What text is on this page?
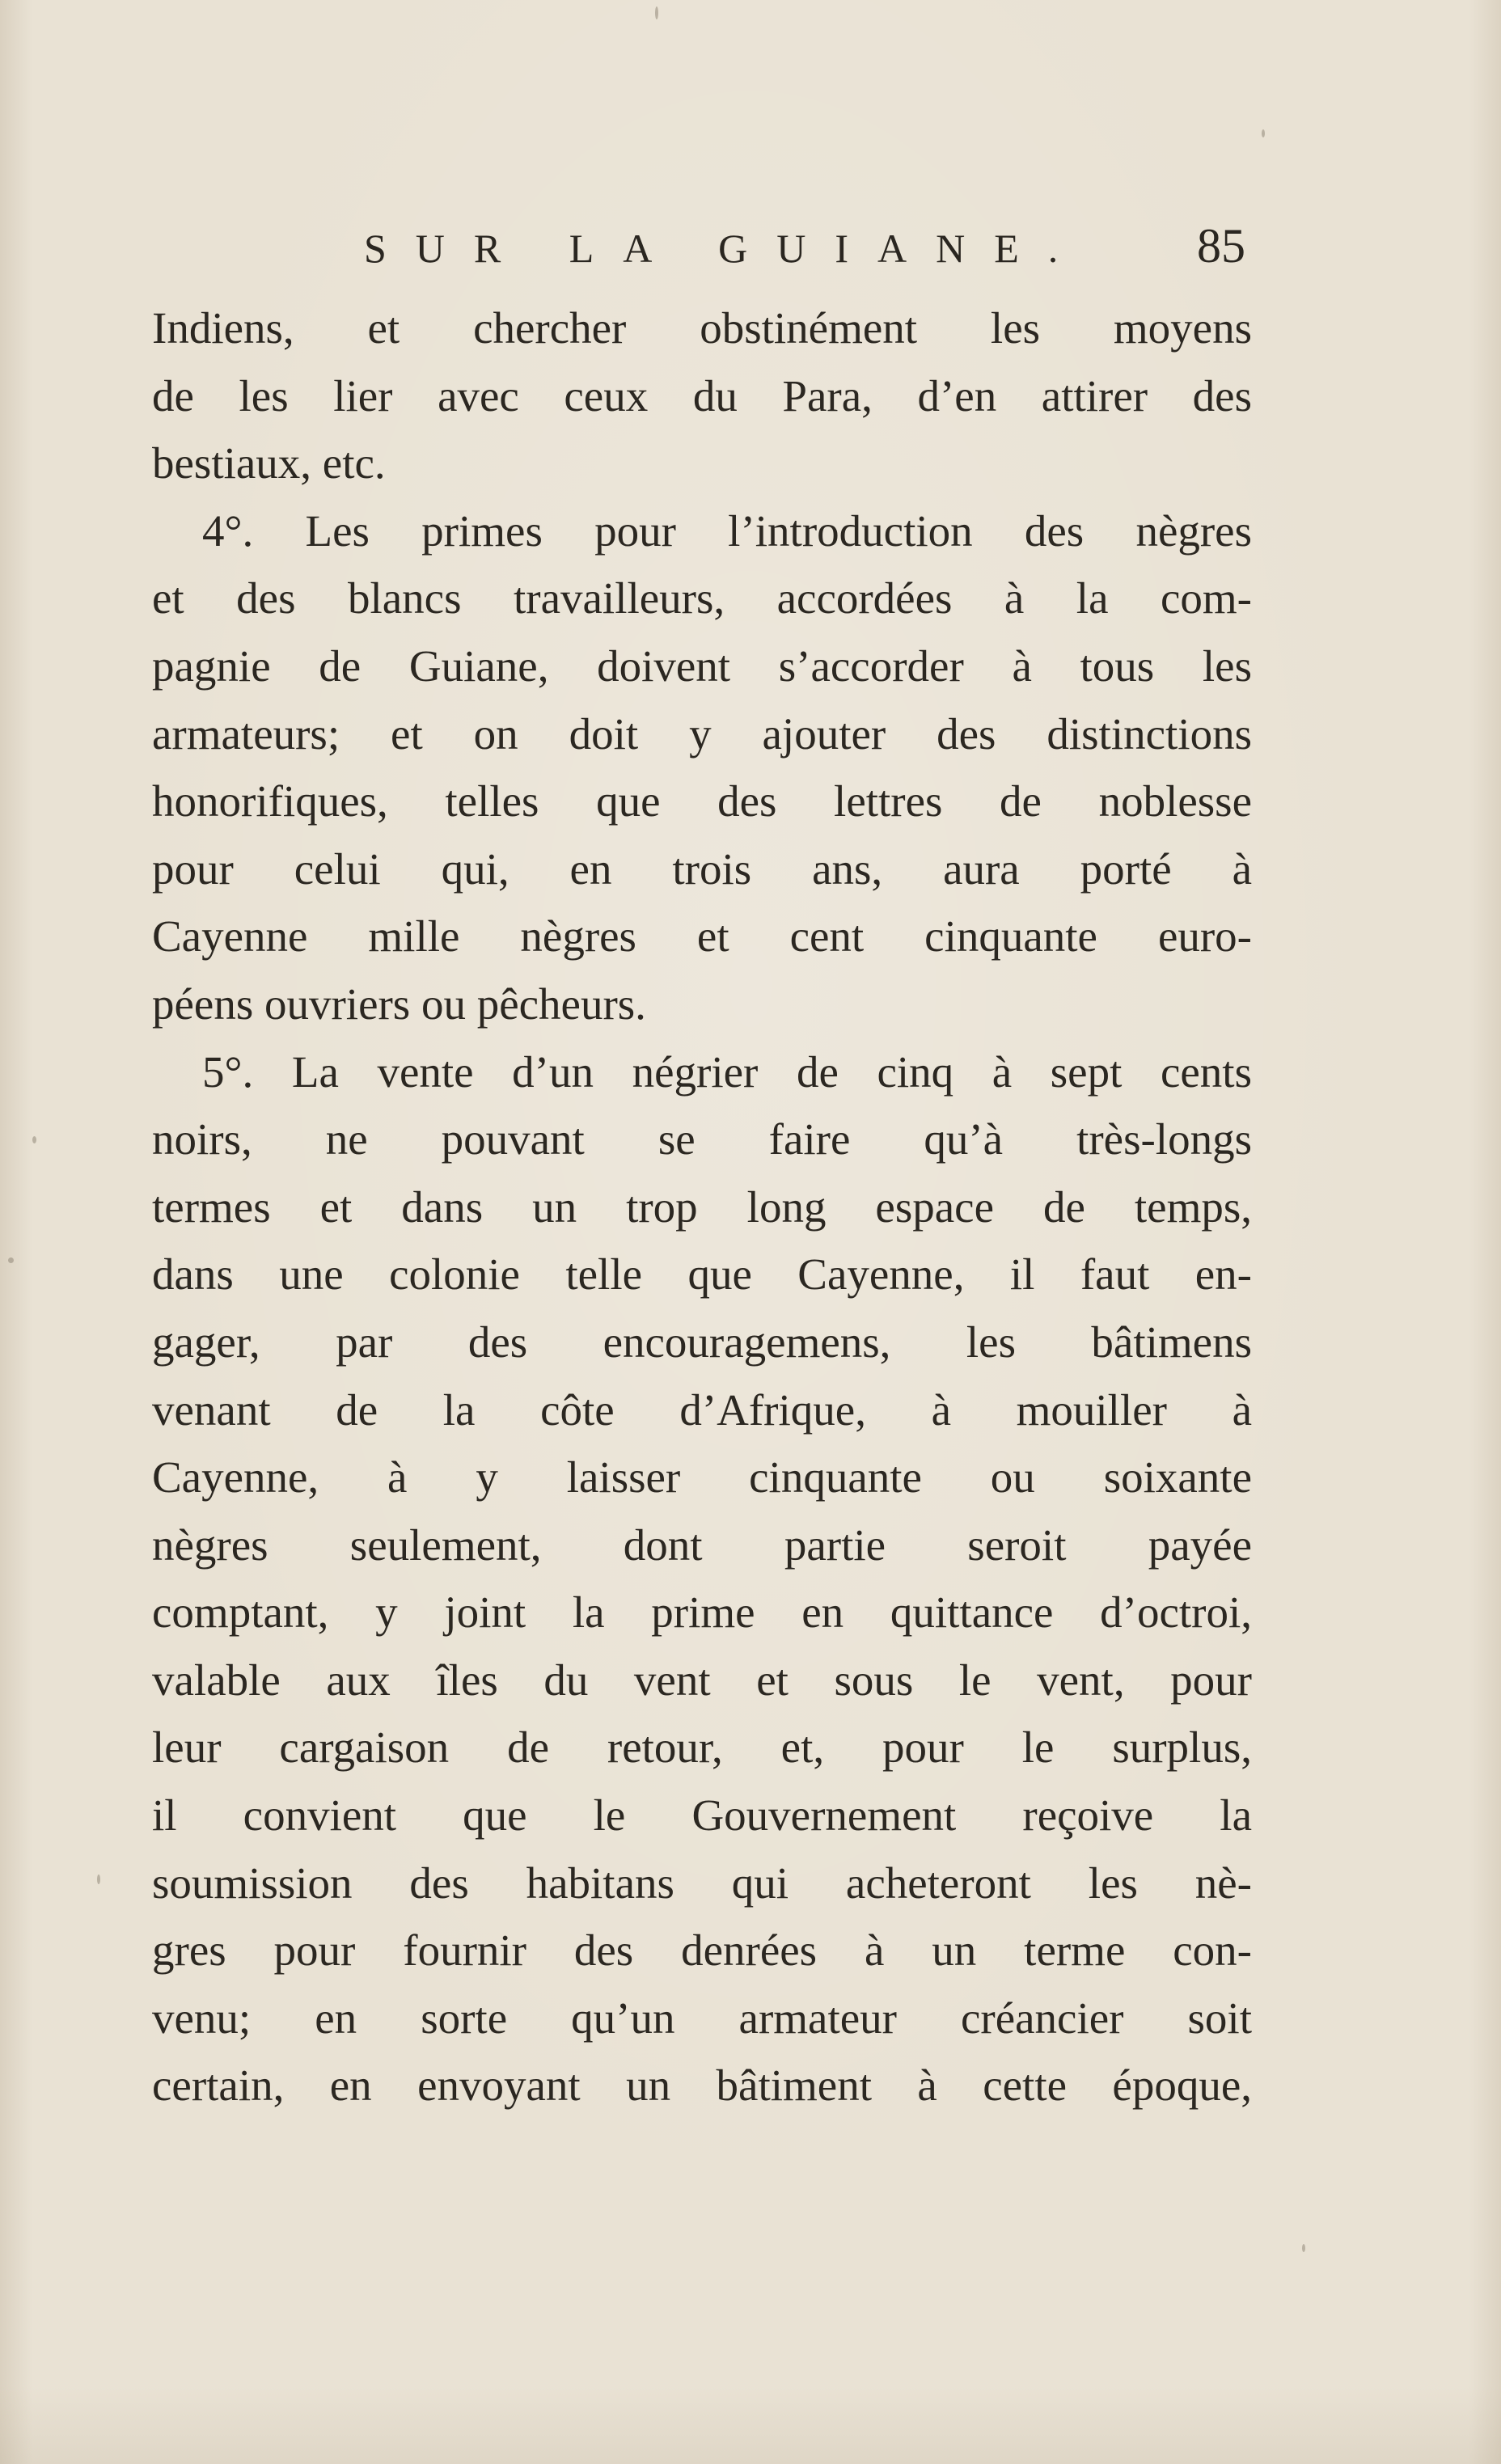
SUR LA GUIANE. 85
Indiens, et chercher obstinément les moyens
de les lier avec ceux du Para, d’en attirer des
bestiaux, etc.
4°. Les primes pour l’introduction des nègres
et des blancs travailleurs, accordées à la com-
pagnie de Guiane, doivent s’accorder à tous les
armateurs; et on doit y ajouter des distinctions
honorifiques, telles que des lettres de noblesse
pour celui qui, en trois ans, aura porté à
Cayenne mille nègres et cent cinquante euro-
péens ouvriers ou pêcheurs.
5°. La vente d’un négrier de cinq à sept cents
noirs, ne pouvant se faire qu’à très-longs
termes et dans un trop long espace de temps,
dans une colonie telle que Cayenne, il faut en-
gager, par des encouragemens, les bâtimens
venant de la côte d’Afrique, à mouiller à
Cayenne, à y laisser cinquante ou soixante
nègres seulement, dont partie seroit payée
comptant, y joint la prime en quittance d’octroi,
valable aux îles du vent et sous le vent, pour
leur cargaison de retour, et, pour le surplus,
il convient que le Gouvernement reçoive la
soumission des habitans qui acheteront les nè-
gres pour fournir des denrées à un terme con-
venu; en sorte qu’un armateur créancier soit
certain, en envoyant un bâtiment à cette époque,
